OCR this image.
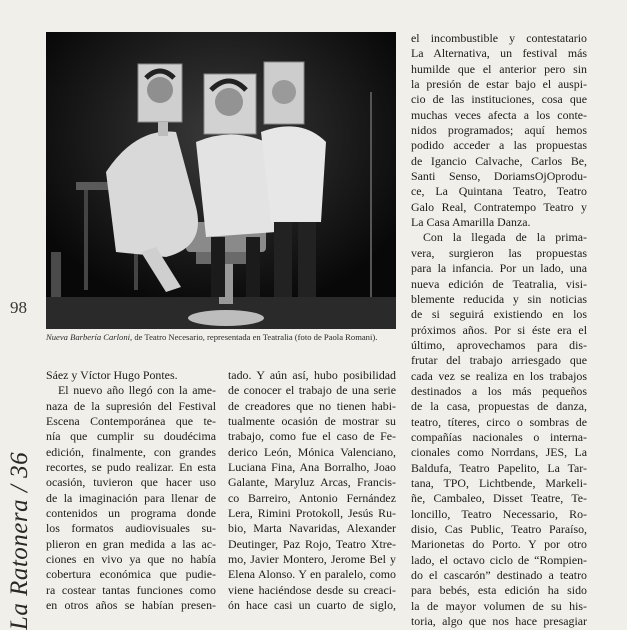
Nueva Barbería Carloni, de Teatro Necesario, representada en Teatralia (foto de Paola Romani).
98
La Ratonera / 36
Sáez y Víctor Hugo Pontes.
El nuevo año llegó con la ame-
naza de la supresión del Festival
Escena Contemporánea que te-
nía que cumplir su doudécima
edición, finalmente, con grandes
recortes, se pudo realizar. En esta
ocasión, tuvieron que hacer uso
de la imaginación para llenar de
contenidos un programa donde
los formatos audiovisuales su-
plieron en gran medida a las ac-
ciones en vivo ya que no había
cobertura económica que pudie-
ra costear tantas funciones como
en otros años se habían presen-
tado. Y aún así, hubo posibilidad
de conocer el trabajo de una serie
de creadores que no tienen habi-
tualmente ocasión de mostrar su
trabajo, como fue el caso de Fe-
derico León, Mónica Valenciano,
Luciana Fina, Ana Borralho, Joao
Galante, Maryluz Arcas, Francis-
co Barreiro, Antonio Fernández
Lera, Rimini Protokoll, Jesús Ru-
bio, Marta Navaridas, Alexander
Deutinger, Paz Rojo, Teatro Xtre-
mo, Javier Montero, Jerome Bel y
Elena Alonso. Y en paralelo, como
viene haciéndose desde su creaci-
ón hace casi un cuarto de siglo,
el incombustible y contestatario
La Alternativa, un festival más
humilde que el anterior pero sin
la presión de estar bajo el auspi-
cio de las instituciones, cosa que
muchas veces afecta a los conte-
nidos programados; aquí hemos
podido acceder a las propuestas
de Igancio Calvache, Carlos Be,
Santi Senso, DoriamsOjOprodu-
ce, La Quintana Teatro, Teatro
Galo Real, Contratempo Teatro y
La Casa Amarilla Danza.
Con la llegada de la prima-
vera, surgieron las propuestas
para la infancia. Por un lado, una
nueva edición de Teatralia, visi-
blemente reducida y sin noticias
de si seguirá existiendo en los
próximos años. Por si éste era el
último, aprovechamos para dis-
frutar del trabajo arriesgado que
cada vez se realiza en los trabajos
destinados a los más pequeños
de la casa, propuestas de danza,
teatro, títeres, circo o sombras de
compañías nacionales o interna-
cionales como Norrdans, JES, La
Baldufa, Teatro Papelito, La Tar-
tana, TPO, Lichtbende, Markeli-
ñe, Cambaleo, Disset Teatre, Te-
loncillo, Teatro Necessario, Ro-
disio, Cas Public, Teatro Paraíso,
Marionetas do Porto. Y por otro
lado, el octavo ciclo de “Rompien-
do el cascarón” destinado a teatro
para bebés, esta edición ha sido
la de mayor volumen de su his-
toria, algo que nos hace presagiar
